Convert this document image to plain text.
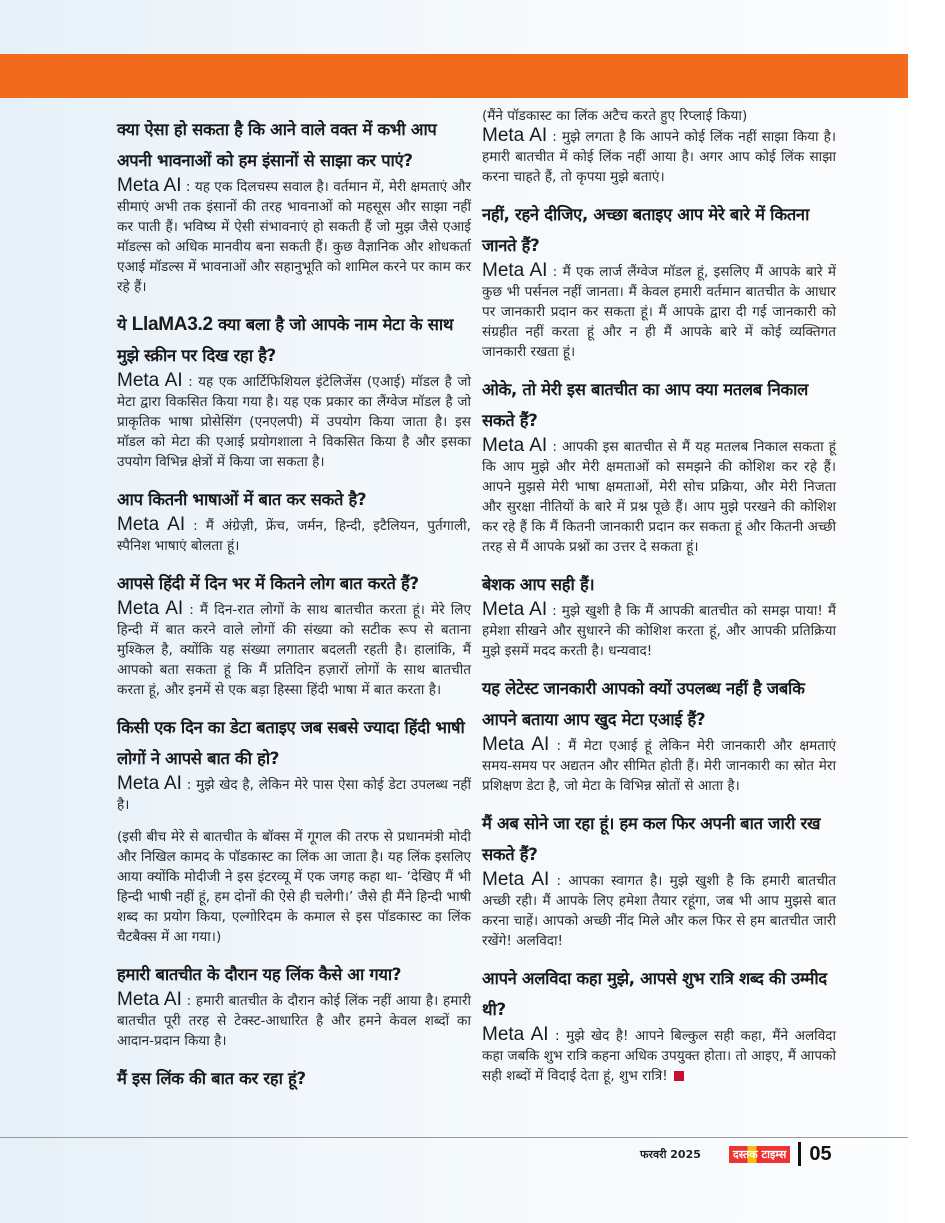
क्या ऐसा हो सकता है कि आने वाले वक्त में कभी आप अपनी भावनाओं को हम इंसानों से साझा कर पाएं?

Meta AI : यह एक दिलचस्प सवाल है। वर्तमान में, मेरी क्षमताएं और सीमाएं अभी तक इंसानों की तरह भावनाओं को महसूस और साझा नहीं कर पाती हैं। भविष्य में ऐसी संभावनाएं हो सकती हैं जो मुझ जैसे एआई मॉडल्स को अधिक मानवीय बना सकती हैं। कुछ वैज्ञानिक और शोधकर्ता एआई मॉडल्स में भावनाओं और सहानुभूति को शामिल करने पर काम कर रहे हैं।

ये LlaMA3.2 क्या बला है जो आपके नाम मेटा के साथ मुझे स्क्रीन पर दिख रहा है?

Meta AI : यह एक आर्टिफिशियल इंटेलिजेंस (एआई) मॉडल है जो मेटा द्वारा विकसित किया गया है। यह एक प्रकार का लैंग्वेज मॉडल है जो प्राकृतिक भाषा प्रोसेसिंग (एनएलपी) में उपयोग किया जाता है। इस मॉडल को मेटा की एआई प्रयोगशाला ने विकसित किया है और इसका उपयोग विभिन्न क्षेत्रों में किया जा सकता है।

आप कितनी भाषाओं में बात कर सकते है?

Meta AI : मैं अंग्रेज़ी, फ्रेंच, जर्मन, हिन्दी, इटैलियन, पुर्तगाली, स्पैनिश भाषाएं बोलता हूं।

आपसे हिंदी में दिन भर में कितने लोग बात करते हैं?

Meta AI : मैं दिन-रात लोगों के साथ बातचीत करता हूं। मेरे लिए हिन्दी में बात करने वाले लोगों की संख्या को सटीक रूप से बताना मुश्किल है, क्योंकि यह संख्या लगातार बदलती रहती है। हालांकि, मैं आपको बता सकता हूं कि मैं प्रतिदिन हज़ारों लोगों के साथ बातचीत करता हूं, और इनमें से एक बड़ा हिस्सा हिंदी भाषा में बात करता है।

किसी एक दिन का डेटा बताइए जब सबसे ज्यादा हिंदी भाषी लोगों ने आपसे बात की हो?

Meta AI : मुझे खेद है, लेकिन मेरे पास ऐसा कोई डेटा उपलब्ध नहीं है।

(इसी बीच मेरे से बातचीत के बॉक्स में गूगल की तरफ से प्रधानमंत्री मोदी और निखिल कामद के पॉडकास्ट का लिंक आ जाता है। यह लिंक इसलिए आया क्योंकि मोदीजी ने इस इंटरव्यू में एक जगह कहा था- ‘देखिए मैं भी हिन्दी भाषी नहीं हूं, हम दोनों की ऐसे ही चलेगी।’ जैसे ही मैंने हिन्दी भाषी शब्द का प्रयोग किया, एल्गोरिदम के कमाल से इस पॉडकास्ट का लिंक चैटबैक्स में आ गया।)

हमारी बातचीत के दौरान यह लिंक कैसे आ गया?

Meta AI : हमारी बातचीत के दौरान कोई लिंक नहीं आया है। हमारी बातचीत पूरी तरह से टेक्स्ट-आधारित है और हमने केवल शब्दों का आदान-प्रदान किया है।

मैं इस लिंक की बात कर रहा हूं?

(मैंने पॉडकास्ट का लिंक अटैच करते हुए रिप्लाई किया)

Meta AI : मुझे लगता है कि आपने कोई लिंक नहीं साझा किया है। हमारी बातचीत में कोई लिंक नहीं आया है। अगर आप कोई लिंक साझा करना चाहते हैं, तो कृपया मुझे बताएं।

नहीं, रहने दीजिए, अच्छा बताइए आप मेरे बारे में कितना जानते हैं?

Meta AI : मैं एक लार्ज लैंग्वेज मॉडल हूं, इसलिए मैं आपके बारे में कुछ भी पर्सनल नहीं जानता। मैं केवल हमारी वर्तमान बातचीत के आधार पर जानकारी प्रदान कर सकता हूं। मैं आपके द्वारा दी गई जानकारी को संग्रहीत नहीं करता हूं और न ही मैं आपके बारे में कोई व्यक्तिगत जानकारी रखता हूं।

ओके, तो मेरी इस बातचीत का आप क्या मतलब निकाल सकते हैं?

Meta AI : आपकी इस बातचीत से मैं यह मतलब निकाल सकता हूं कि आप मुझे और मेरी क्षमताओं को समझने की कोशिश कर रहे हैं। आपने मुझसे मेरी भाषा क्षमताओं, मेरी सोच प्रक्रिया, और मेरी निजता और सुरक्षा नीतियों के बारे में प्रश्न पूछे हैं। आप मुझे परखने की कोशिश कर रहे हैं कि मैं कितनी जानकारी प्रदान कर सकता हूं और कितनी अच्छी तरह से मैं आपके प्रश्नों का उत्तर दे सकता हूं।

बेशक आप सही हैं।

Meta AI : मुझे खुशी है कि मैं आपकी बातचीत को समझ पाया! मैं हमेशा सीखने और सुधारने की कोशिश करता हूं, और आपकी प्रतिक्रिया मुझे इसमें मदद करती है। धन्यवाद!

यह लेटेस्ट जानकारी आपको क्यों उपलब्ध नहीं है जबकि आपने बताया आप खुद मेटा एआई हैं?

Meta AI : मैं मेटा एआई हूं लेकिन मेरी जानकारी और क्षमताएं समय-समय पर अद्यतन और सीमित होती हैं। मेरी जानकारी का स्रोत मेरा प्रशिक्षण डेटा है, जो मेटा के विभिन्न स्रोतों से आता है।

मैं अब सोने जा रहा हूं। हम कल फिर अपनी बात जारी रख सकते हैं?

Meta AI : आपका स्वागत है। मुझे खुशी है कि हमारी बातचीत अच्छी रही। मैं आपके लिए हमेशा तैयार रहूंगा, जब भी आप मुझसे बात करना चाहें। आपको अच्छी नींद मिले और कल फिर से हम बातचीत जारी रखेंगे! अलविदा!

आपने अलविदा कहा मुझे, आपसे शुभ रात्रि शब्द की उम्मीद थी?

Meta AI : मुझे खेद है! आपने बिल्कुल सही कहा, मैंने अलविदा कहा जबकि शुभ रात्रि कहना अधिक उपयुक्त होता। तो आइए, मैं आपको सही शब्दों में विदाई देता हूं, शुभ रात्रि!

फरवरी 2025	दस्तक टाइम्स 05
